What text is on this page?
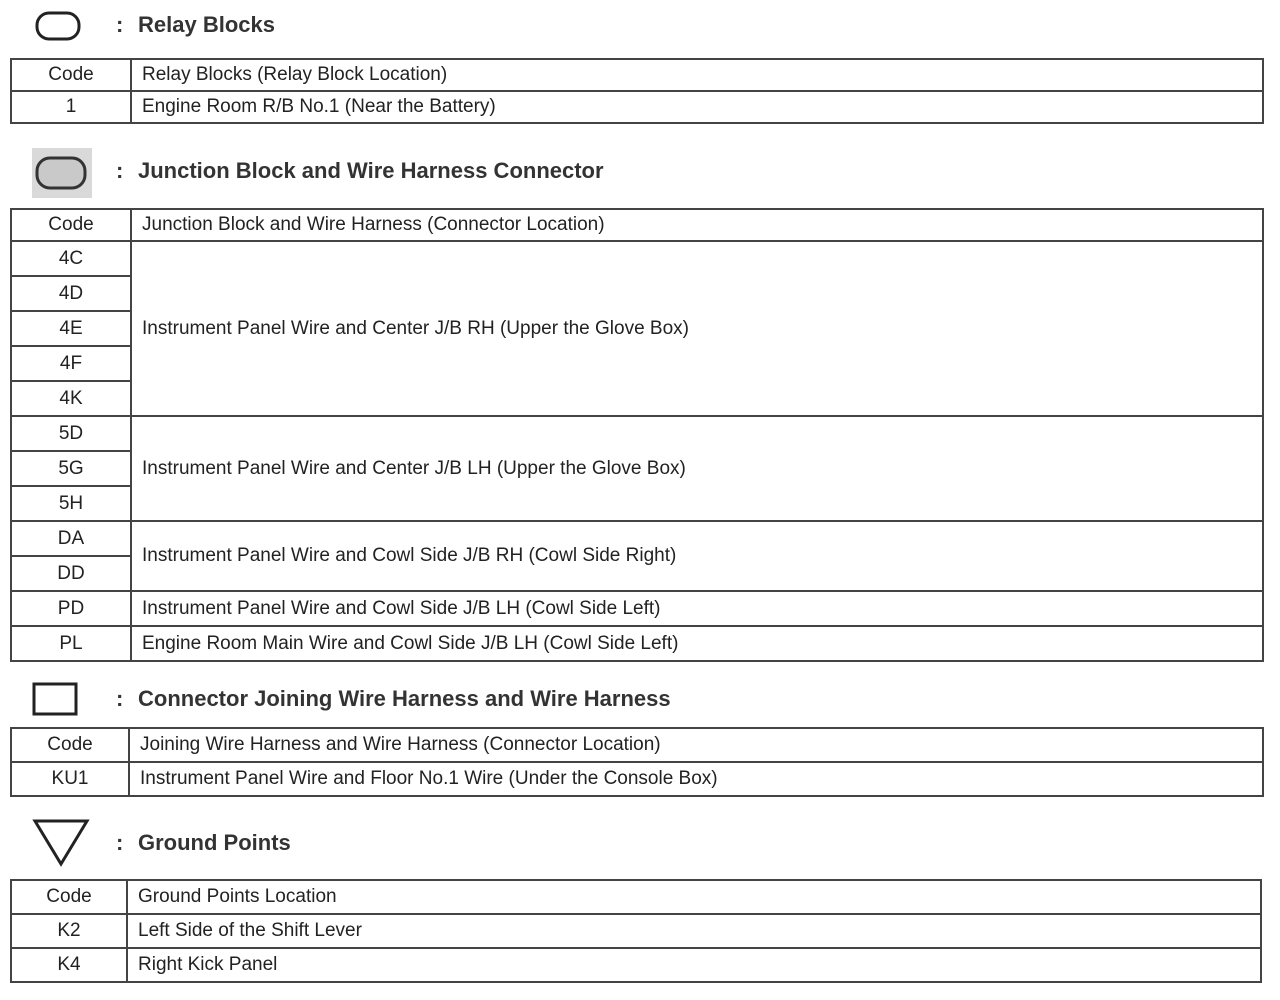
: Relay Blocks
Code	Relay Blocks (Relay Block Location)
1	Engine Room R/B No.1 (Near the Battery)
: Junction Block and Wire Harness Connector
Code	Junction Block and Wire Harness (Connector Location)
4C	Instrument Panel Wire and Center J/B RH (Upper the Glove Box)
4D	
4E	
4F	
4K	
5D	Instrument Panel Wire and Center J/B LH (Upper the Glove Box)
5G	
5H	
DA	Instrument Panel Wire and Cowl Side J/B RH (Cowl Side Right)
DD	
PD	Instrument Panel Wire and Cowl Side J/B LH (Cowl Side Left)
PL	Engine Room Main Wire and Cowl Side J/B LH (Cowl Side Left)
: Connector Joining Wire Harness and Wire Harness
Code	Joining Wire Harness and Wire Harness (Connector Location)
KU1	Instrument Panel Wire and Floor No.1 Wire (Under the Console Box)
: Ground Points
Code	Ground Points Location
K2	Left Side of the Shift Lever
K4	Right Kick Panel
